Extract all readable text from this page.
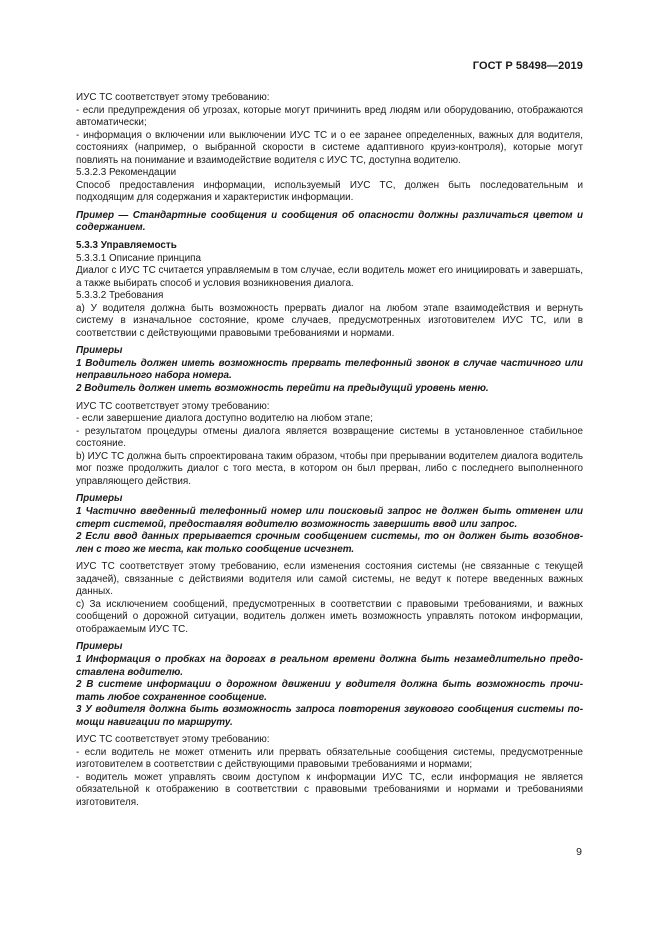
ГОСТ Р 58498—2019

ИУС ТС соответствует этому требованию:

- если предупреждения об угрозах, которые могут причинить вред людям или оборудованию, отображаются автоматически;

- информация о включении или выключении ИУС ТС и о ее заранее определенных, важных для водителя, состояниях (например, о выбранной скорости в системе адаптивного круиз-контроля), которые могут повлиять на понимание и взаимодействие водителя с ИУС ТС, доступна водителю.

5.3.2.3 Рекомендации

Способ предоставления информации, используемый ИУС ТС, должен быть последовательным и подходящим для содержания и характеристик информации.

Пример — Стандартные сообщения и сообщения об опасности должны различаться цветом и содержанием.

5.3.3 Управляемость

5.3.3.1 Описание принципа

Диалог с ИУС ТС считается управляемым в том случае, если водитель может его инициировать и завершать, а также выбирать способ и условия возникновения диалога.

5.3.3.2 Требования

а) У водителя должна быть возможность прервать диалог на любом этапе взаимодействия и вернуть систему в изначальное состояние, кроме случаев, предусмотренных изготовителем ИУС ТС, или в соответствии с действующими правовыми требованиями и нормами.

Примеры

1 Водитель должен иметь возможность прервать телефонный звонок в случае частичного или неправильного набора номера.

2 Водитель должен иметь возможность перейти на предыдущий уровень меню.

ИУС ТС соответствует этому требованию:

- если завершение диалога доступно водителю на любом этапе;

- результатом процедуры отмены диалога является возвращение системы в установленное стабильное состояние.

b) ИУС ТС должна быть спроектирована таким образом, чтобы при прерывании водителем диалога водитель мог позже продолжить диалог с того места, в котором он был прерван, либо с последнего выполненного управляющего действия.

Примеры

1 Частично введенный телефонный номер или поисковый запрос не должен быть отменен или стерт системой, предоставляя водителю возможность завершить ввод или запрос.

2 Если ввод данных прерывается срочным сообщением системы, то он должен быть возобновлен с того же места, как только сообщение исчезнет.

ИУС ТС соответствует этому требованию, если изменения состояния системы (не связанные с текущей задачей), связанные с действиями водителя или самой системы, не ведут к потере введенных важных данных.

с) За исключением сообщений, предусмотренных в соответствии с правовыми требованиями, и важных сообщений о дорожной ситуации, водитель должен иметь возможность управлять потоком информации, отображаемым ИУС ТС.

Примеры

1 Информация о пробках на дорогах в реальном времени должна быть незамедлительно предоставлена водителю.

2 В системе информации о дорожном движении у водителя должна быть возможность прочитать любое сохраненное сообщение.

3 У водителя должна быть возможность запроса повторения звукового сообщения системы помощи навигации по маршруту.

ИУС ТС соответствует этому требованию:

- если водитель не может отменить или прервать обязательные сообщения системы, предусмотренные изготовителем в соответствии с действующими правовыми требованиями и нормами;

- водитель может управлять своим доступом к информации ИУС ТС, если информация не является обязательной к отображению в соответствии с правовыми требованиями и нормами и требованиями изготовителя.

9
